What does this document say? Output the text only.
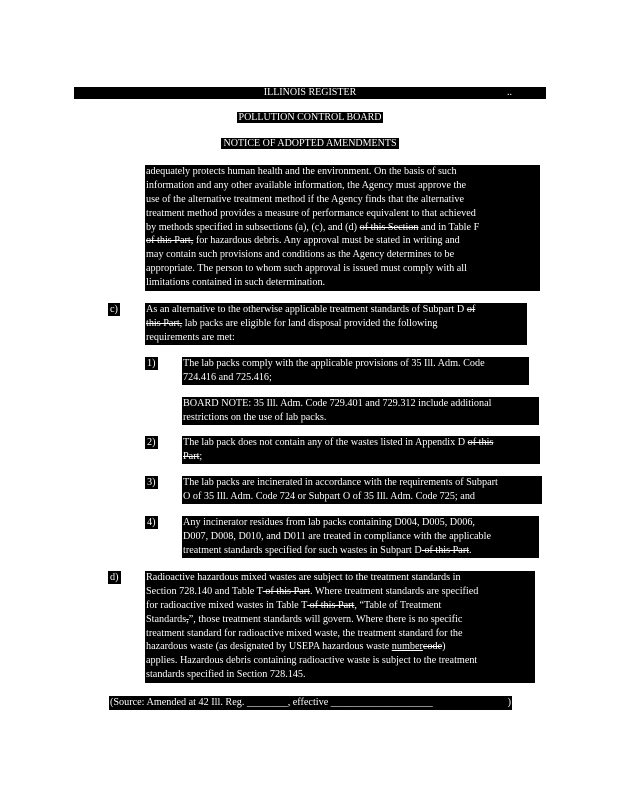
ILLINOIS REGISTER	..
POLLUTION CONTROL BOARD
NOTICE OF ADOPTED AMENDMENTS
adequately protects human health and the environment. On the basis of such
information and any other available information, the Agency must approve the
use of the alternative treatment method if the Agency finds that the alternative
treatment method provides a measure of performance equivalent to that achieved
by methods specified in subsections (a), (c), and (d) of this Section and in Table F
of this Part, for hazardous debris. Any approval must be stated in writing and
may contain such provisions and conditions as the Agency determines to be
appropriate. The person to whom such approval is issued must comply with all
limitations contained in such determination.
c)	As an alternative to the otherwise applicable treatment standards of Subpart D of
this Part, lab packs are eligible for land disposal provided the following
requirements are met:
1)	The lab packs comply with the applicable provisions of 35 Ill. Adm. Code
724.416 and 725.416;
BOARD NOTE: 35 Ill. Adm. Code 729.401 and 729.312 include additional
restrictions on the use of lab packs.
2)	The lab pack does not contain any of the wastes listed in Appendix D of this
Part;
3)	The lab packs are incinerated in accordance with the requirements of Subpart
O of 35 Ill. Adm. Code 724 or Subpart O of 35 Ill. Adm. Code 725; and
4)	Any incinerator residues from lab packs containing D004, D005, D006,
D007, D008, D010, and D011 are treated in compliance with the applicable
treatment standards specified for such wastes in Subpart D of this Part.
d)	Radioactive hazardous mixed wastes are subject to the treatment standards in
Section 728.140 and Table T of this Part. Where treatment standards are specified
for radioactive mixed wastes in Table T of this Part, “Table of Treatment
Standards,”, those treatment standards will govern. Where there is no specific
treatment standard for radioactive mixed waste, the treatment standard for the
hazardous waste (as designated by USEPA hazardous waste numbercode)
applies. Hazardous debris containing radioactive waste is subject to the treatment
standards specified in Section 728.145.
(Source: Amended at 42 Ill. Reg. ________, effective ____________________	)
